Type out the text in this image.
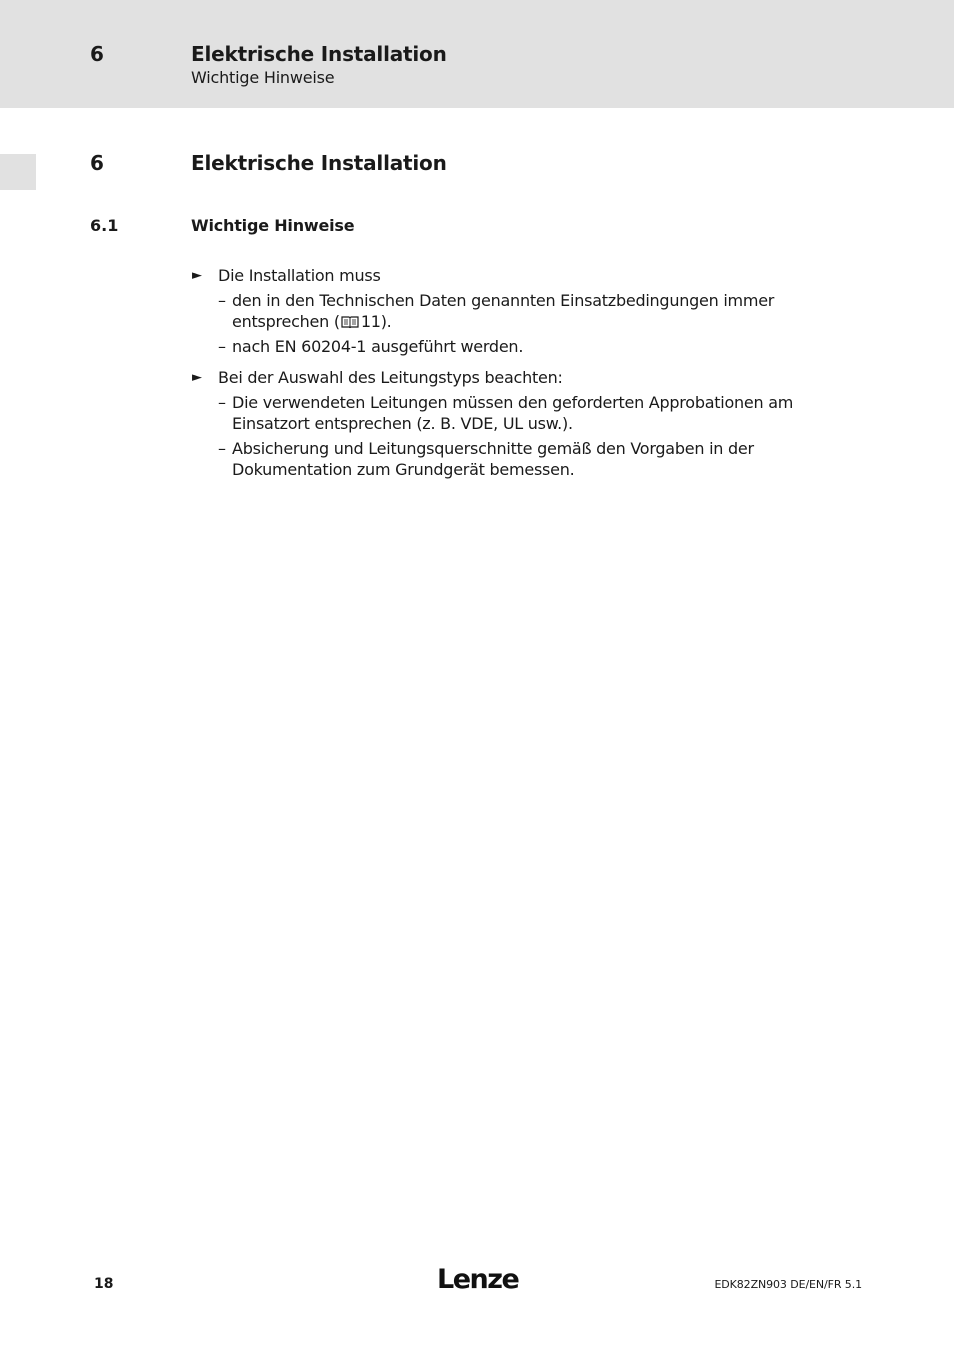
6	Elektrische Installation
Wichtige Hinweise
6	Elektrische Installation
6.1	Wichtige Hinweise
► Die Installation muss
– den in den Technischen Daten genannten Einsatzbedingungen immer entsprechen ( 11).
– nach EN 60204-1 ausgeführt werden.
► Bei der Auswahl des Leitungstyps beachten:
– Die verwendeten Leitungen müssen den geforderten Approbationen am Einsatzort entsprechen (z. B. VDE, UL usw.).
– Absicherung und Leitungsquerschnitte gemäß den Vorgaben in der Dokumentation zum Grundgerät bemessen.
18	Lenze	EDK82ZN903 DE/EN/FR 5.1
